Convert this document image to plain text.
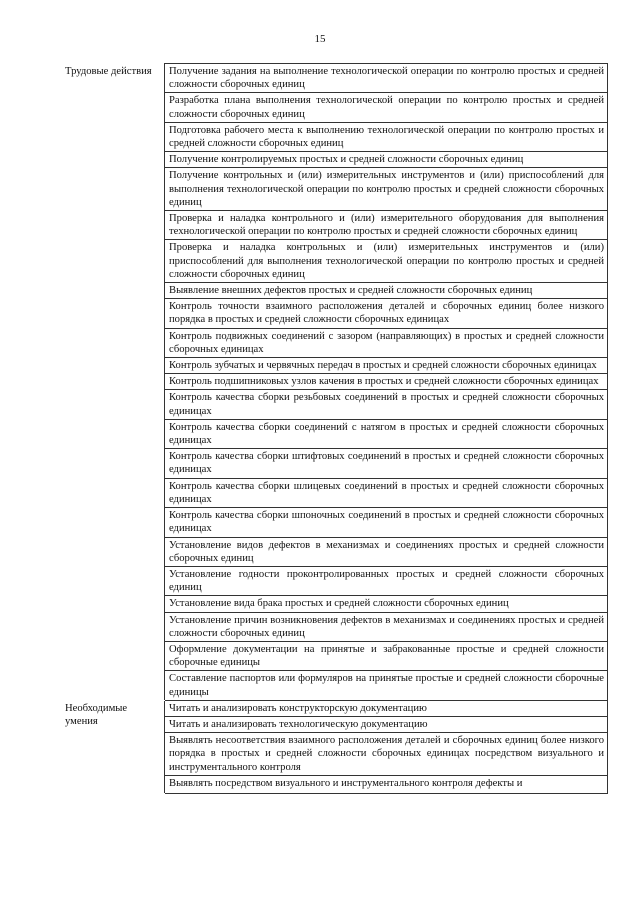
15
Трудовые действия	Получение задания на выполнение технологической операции по контролю простых и средней сложности сборочных единиц
	Разработка плана выполнения технологической операции по контролю простых и средней сложности сборочных единиц
	Подготовка рабочего места к выполнению технологической операции по контролю простых и средней сложности сборочных единиц
	Получение контролируемых простых и средней сложности сборочных единиц
	Получение контрольных и (или) измерительных инструментов и (или) приспособлений для выполнения технологической операции по контролю простых и средней сложности сборочных единиц
	Проверка и наладка контрольного и (или) измерительного оборудования для выполнения технологической операции по контролю простых и средней сложности сборочных единиц
	Проверка и наладка контрольных и (или) измерительных инструментов и (или) приспособлений для выполнения технологической операции по контролю простых и средней сложности сборочных единиц
	Выявление внешних дефектов простых и средней сложности сборочных единиц
	Контроль точности взаимного расположения деталей и сборочных единиц более низкого порядка в простых и средней сложности сборочных единицах
	Контроль подвижных соединений с зазором (направляющих) в простых и средней сложности сборочных единицах
	Контроль зубчатых и червячных передач в простых и средней сложности сборочных единицах
	Контроль подшипниковых узлов качения в простых и средней сложности сборочных единицах
	Контроль качества сборки резьбовых соединений в простых и средней сложности сборочных единицах
	Контроль качества сборки соединений с натягом в простых и средней сложности сборочных единицах
	Контроль качества сборки штифтовых соединений в простых и средней сложности сборочных единицах
	Контроль качества сборки шлицевых соединений в простых и средней сложности сборочных единицах
	Контроль качества сборки шпоночных соединений в простых и средней сложности сборочных единицах
	Установление видов дефектов в механизмах и соединениях простых и средней сложности сборочных единиц
	Установление годности проконтролированных простых и средней сложности сборочных единиц
	Установление вида брака простых и средней сложности сборочных единиц
	Установление причин возникновения дефектов в механизмах и соединениях простых и средней сложности сборочных единиц
	Оформление документации на принятые и забракованные простые и средней сложности сборочные единицы
	Составление паспортов или формуляров на принятые простые и средней сложности сборочные единицы
Необходимые умения	Читать и анализировать конструкторскую документацию
	Читать и анализировать технологическую документацию
	Выявлять несоответствия взаимного расположения деталей и сборочных единиц более низкого порядка в простых и средней сложности сборочных единицах посредством визуального и инструментального контроля
	Выявлять посредством визуального и инструментального контроля дефекты и
